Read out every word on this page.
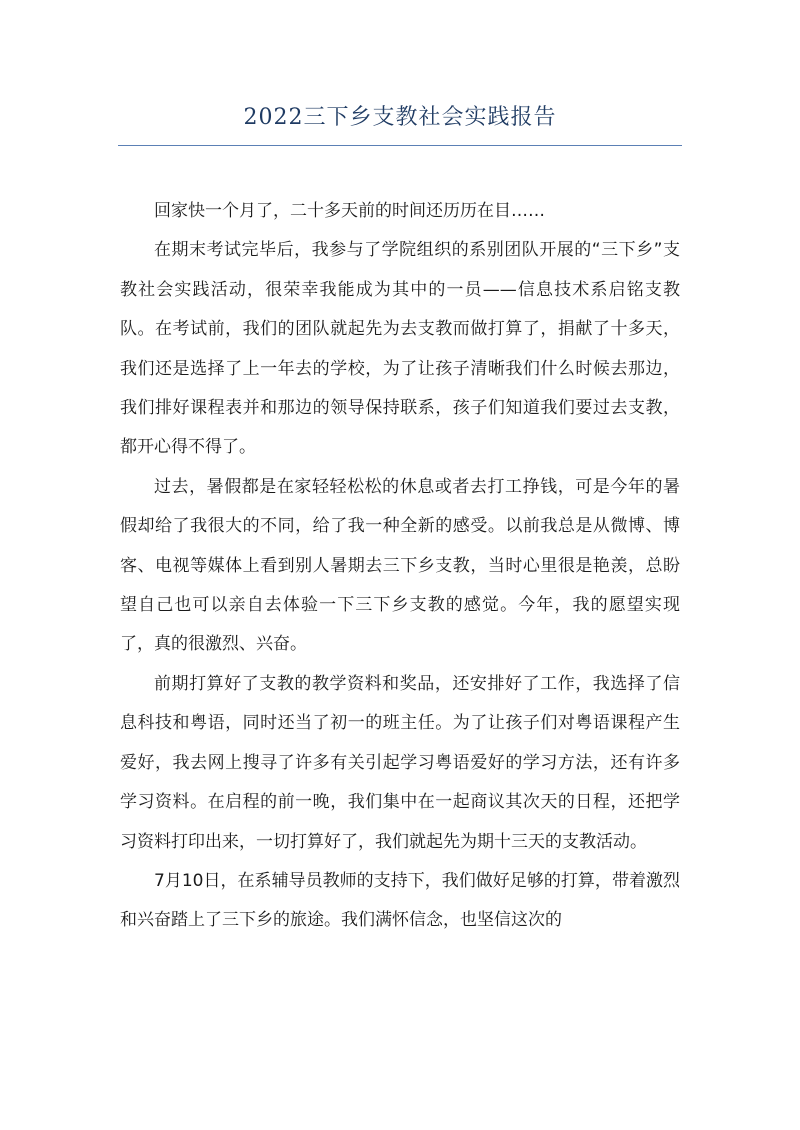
2022三下乡支教社会实践报告

回家快一个月了，二十多天前的时间还历历在目……

在期末考试完毕后，我参与了学院组织的系别团队开展的“三下乡”支教社会实践活动，很荣幸我能成为其中的一员——信息技术系启铭支教队。在考试前，我们的团队就起先为去支教而做打算了，捐献了十多天，我们还是选择了上一年去的学校，为了让孩子清晰我们什么时候去那边，我们排好课程表并和那边的领导保持联系，孩子们知道我们要过去支教，都开心得不得了。

过去，暑假都是在家轻轻松松的休息或者去打工挣钱，可是今年的暑假却给了我很大的不同，给了我一种全新的感受。以前我总是从微博、博客、电视等媒体上看到别人暑期去三下乡支教，当时心里很是艳羡，总盼望自己也可以亲自去体验一下三下乡支教的感觉。今年，我的愿望实现了，真的很激烈、兴奋。

前期打算好了支教的教学资料和奖品，还安排好了工作，我选择了信息科技和粤语，同时还当了初一的班主任。为了让孩子们对粤语课程产生爱好，我去网上搜寻了许多有关引起学习粤语爱好的学习方法，还有许多学习资料。在启程的前一晚，我们集中在一起商议其次天的日程，还把学习资料打印出来，一切打算好了，我们就起先为期十三天的支教活动。

7月10日，在系辅导员教师的支持下，我们做好足够的打算，带着激烈和兴奋踏上了三下乡的旅途。我们满怀信念，也坚信这次的
